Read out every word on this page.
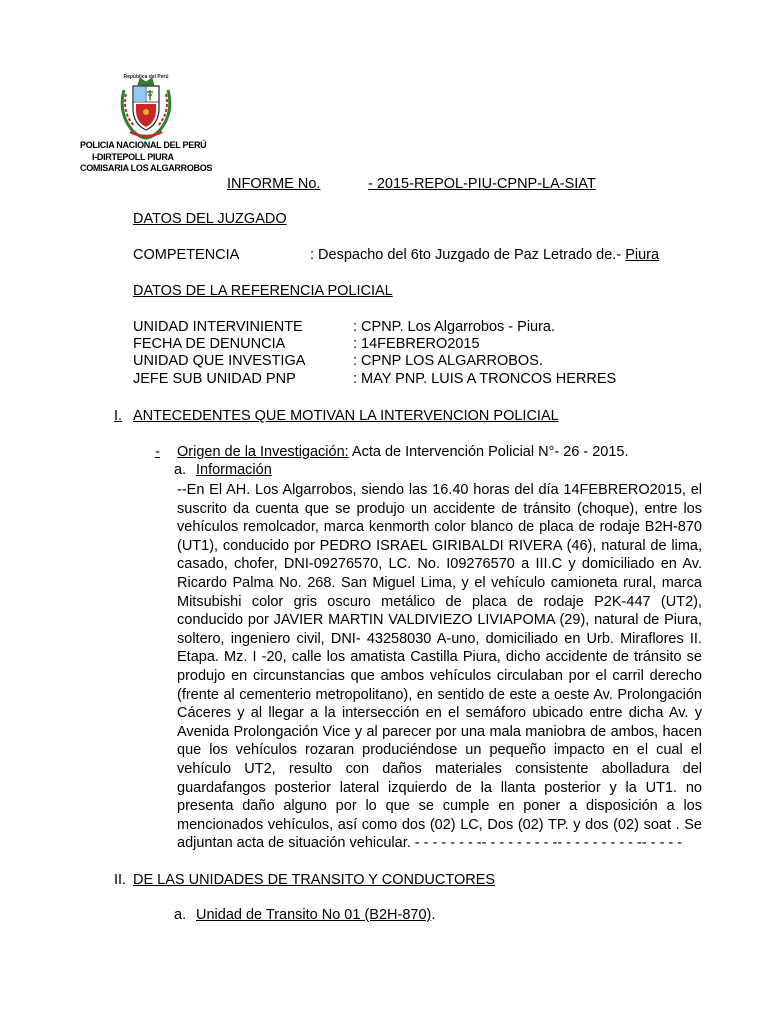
República del Perú
POLICIA NACIONAL DEL PERÚ
I-DIRTEPOLL PIURA
COMISARIA LOS ALGARROBOS
INFORME No.	- 2015-REPOL-PIU-CPNP-LA-SIAT
DATOS DEL JUZGADO
COMPETENCIA	: Despacho del 6to Juzgado de Paz Letrado de.- Piura
DATOS DE LA REFERENCIA POLICIAL
UNIDAD INTERVINIENTE	: CPNP. Los Algarrobos - Piura.
FECHA DE DENUNCIA	: 14FEBRERO2015
UNIDAD QUE INVESTIGA	: CPNP LOS ALGARROBOS.
JEFE SUB UNIDAD PNP	: MAY PNP. LUIS A TRONCOS HERRES
I. ANTECEDENTES QUE MOTIVAN LA INTERVENCION POLICIAL
- Origen de la Investigación: Acta de Intervención Policial N°- 26 - 2015.
a. Información
--En El AH. Los Algarrobos, siendo las 16.40 horas del día 14FEBRERO2015, el suscrito da cuenta que se produjo un accidente de tránsito (choque), entre los vehículos remolcador, marca kenmorth color blanco de placa de rodaje B2H-870 (UT1), conducido por PEDRO ISRAEL GIRIBALDI RIVERA (46), natural de lima, casado, chofer, DNI-09276570, LC. No. I09276570 a III.C y domiciliado en Av. Ricardo Palma No. 268. San Miguel Lima, y el vehículo camioneta rural, marca Mitsubishi color gris oscuro metálico de placa de rodaje P2K-447 (UT2), conducido por JAVIER MARTIN VALDIVIEZO LIVIAPOMA (29), natural de Piura, soltero, ingeniero civil, DNI- 43258030 A-uno, domiciliado en Urb. Miraflores II. Etapa. Mz. I -20, calle los amatista Castilla Piura, dicho accidente de tránsito se produjo en circunstancias que ambos vehículos circulaban por el carril derecho (frente al cementerio metropolitano), en sentido de este a oeste Av. Prolongación Cáceres y al llegar a la intersección en el semáforo ubicado entre dicha Av. y Avenida Prolongación Vice y al parecer por una mala maniobra de ambos, hacen que los vehículos rozaran produciéndose un pequeño impacto en el cual el vehículo UT2, resulto con daños materiales consistente abolladura del guardafangos posterior lateral izquierdo de la llanta posterior y la UT1. no presenta daño alguno por lo que se cumple en poner a disposición a los mencionados vehículos, así como dos (02) LC, Dos (02) TP. y dos (02) soat . Se adjuntan acta de situación vehicular. - - - - - - - -- - - - - - - - -- - - - - - - - - -- - - - -
II. DE LAS UNIDADES DE TRANSITO Y CONDUCTORES
a. Unidad de Transito No 01 (B2H-870).
